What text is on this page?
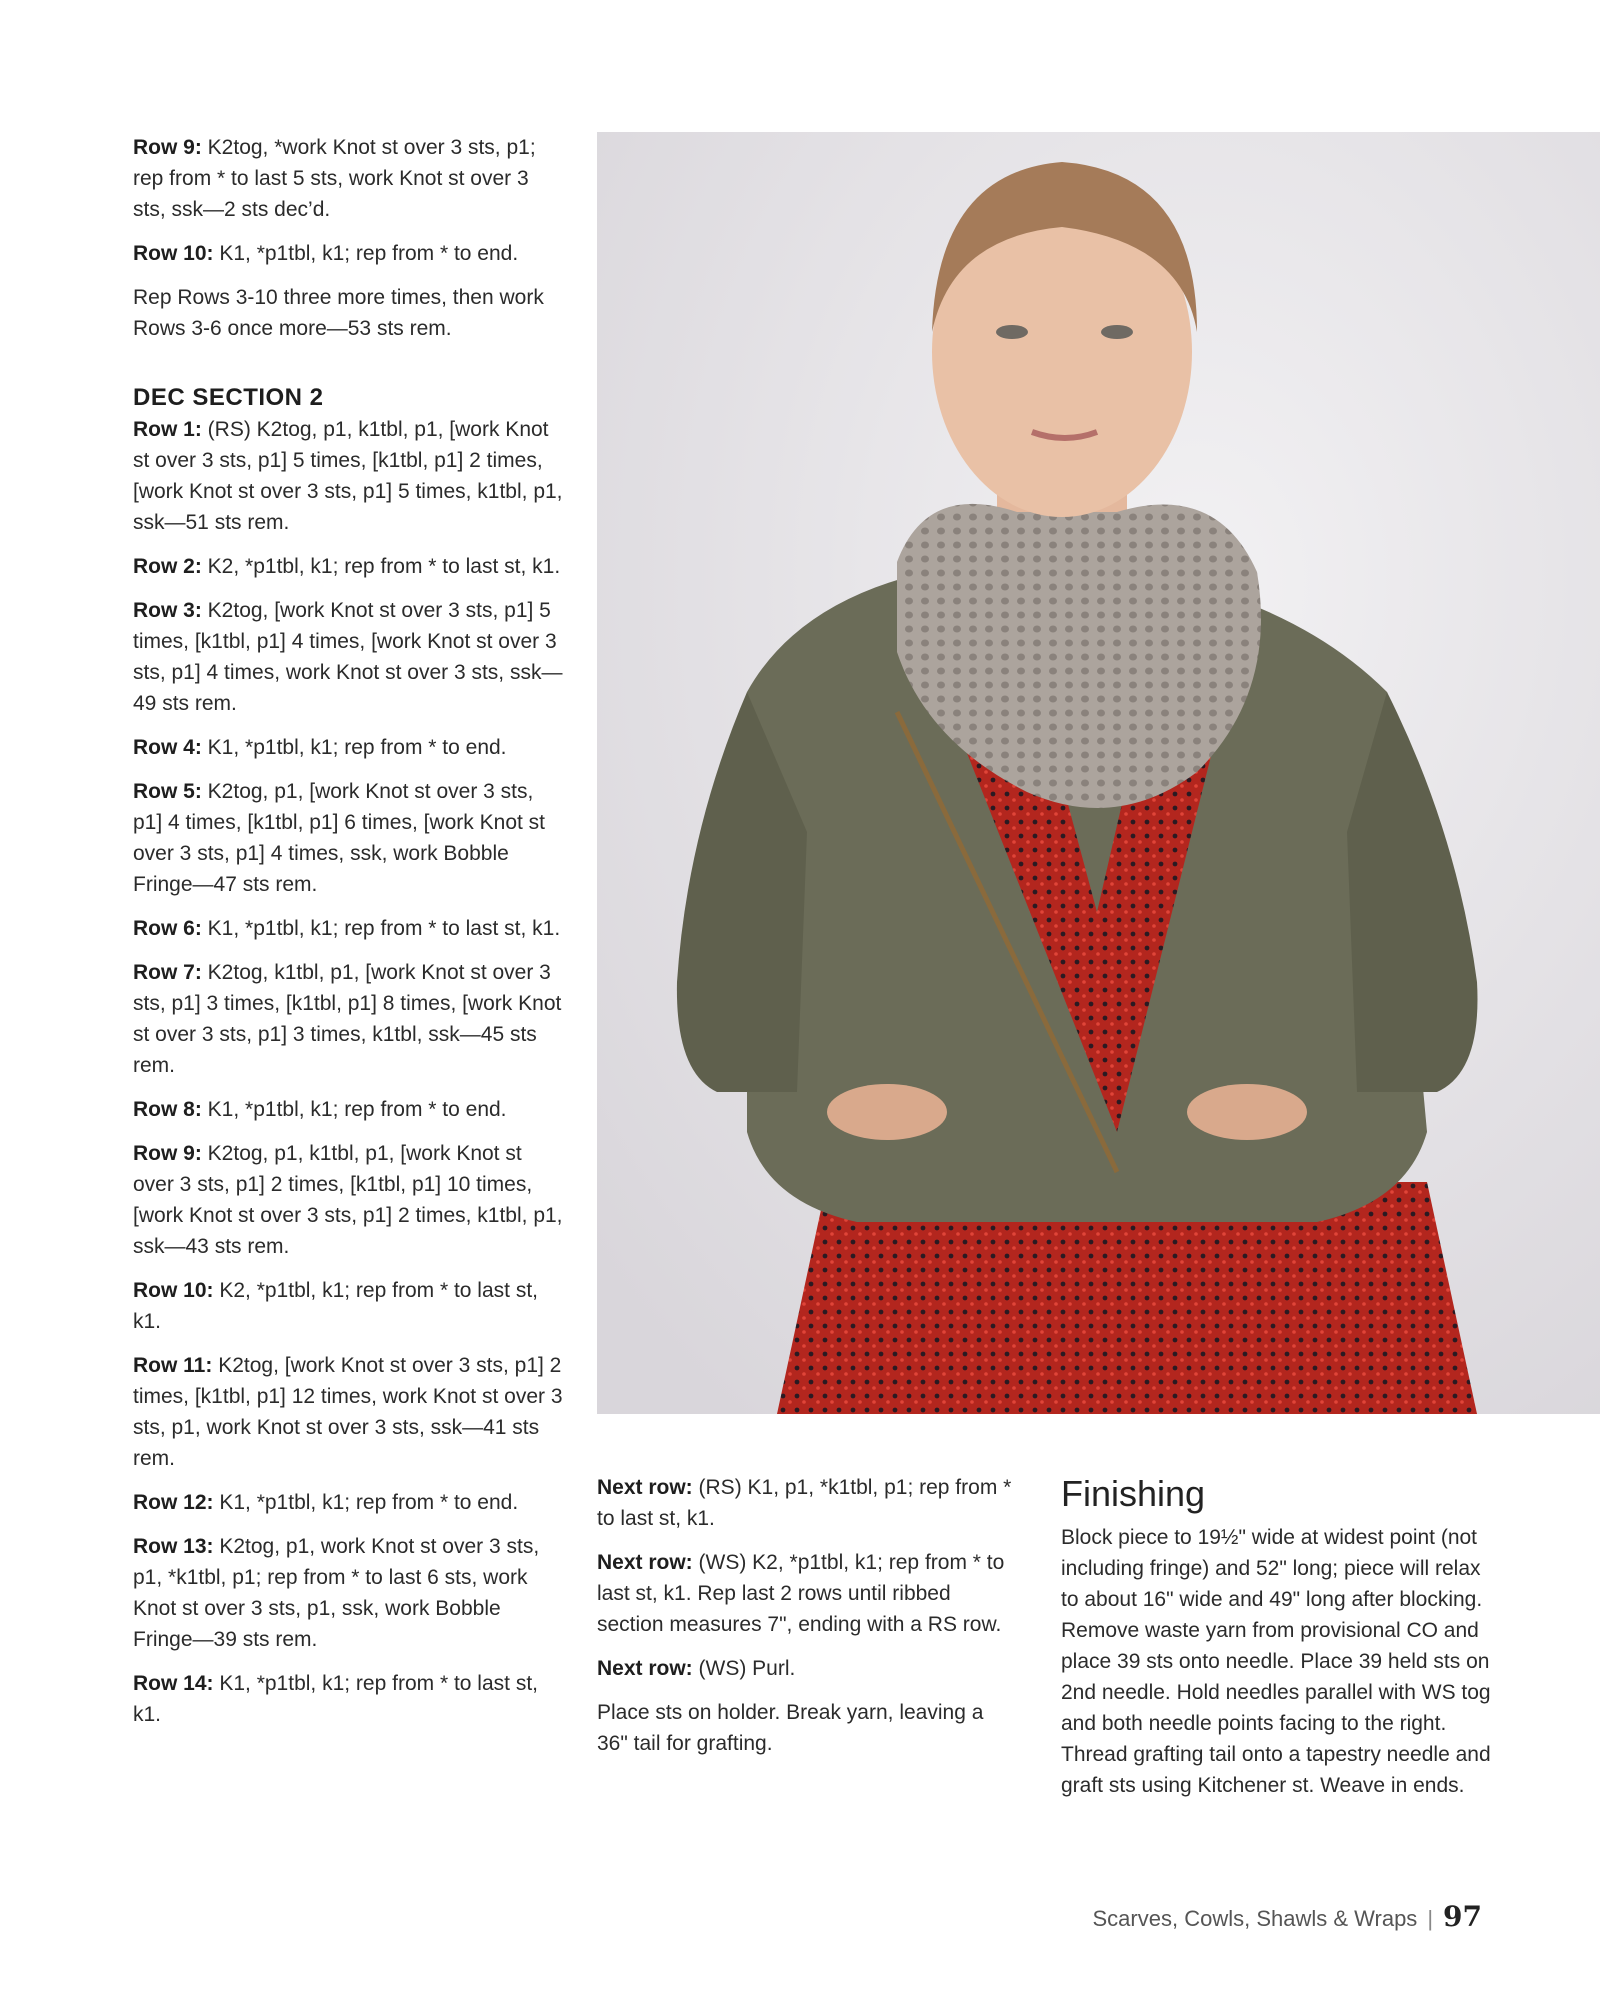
Row 9: K2tog, *work Knot st over 3 sts, p1; rep from * to last 5 sts, work Knot st over 3 sts, ssk—2 sts dec’d.

Row 10: K1, *p1tbl, k1; rep from * to end.

Rep Rows 3-10 three more times, then work Rows 3-6 once more—53 sts rem.

DEC SECTION 2

Row 1: (RS) K2tog, p1, k1tbl, p1, [work Knot st over 3 sts, p1] 5 times, [k1tbl, p1] 2 times, [work Knot st over 3 sts, p1] 5 times, k1tbl, p1, ssk—51 sts rem.

Row 2: K2, *p1tbl, k1; rep from * to last st, k1.

Row 3: K2tog, [work Knot st over 3 sts, p1] 5 times, [k1tbl, p1] 4 times, [work Knot st over 3 sts, p1] 4 times, work Knot st over 3 sts, ssk—49 sts rem.

Row 4: K1, *p1tbl, k1; rep from * to end.

Row 5: K2tog, p1, [work Knot st over 3 sts, p1] 4 times, [k1tbl, p1] 6 times, [work Knot st over 3 sts, p1] 4 times, ssk, work Bobble Fringe—47 sts rem.

Row 6: K1, *p1tbl, k1; rep from * to last st, k1.

Row 7: K2tog, k1tbl, p1, [work Knot st over 3 sts, p1] 3 times, [k1tbl, p1] 8 times, [work Knot st over 3 sts, p1] 3 times, k1tbl, ssk—45 sts rem.

Row 8: K1, *p1tbl, k1; rep from * to end.

Row 9: K2tog, p1, k1tbl, p1, [work Knot st over 3 sts, p1] 2 times, [k1tbl, p1] 10 times, [work Knot st over 3 sts, p1] 2 times, k1tbl, p1, ssk—43 sts rem.

Row 10: K2, *p1tbl, k1; rep from * to last st, k1.

Row 11: K2tog, [work Knot st over 3 sts, p1] 2 times, [k1tbl, p1] 12 times, work Knot st over 3 sts, p1, work Knot st over 3 sts, ssk—41 sts rem.

Row 12: K1, *p1tbl, k1; rep from * to end.

Row 13: K2tog, p1, work Knot st over 3 sts, p1, *k1tbl, p1; rep from * to last 6 sts, work Knot st over 3 sts, p1, ssk, work Bobble Fringe—39 sts rem.

Row 14: K1, *p1tbl, k1; rep from * to last st, k1.

Next row: (RS) K1, p1, *k1tbl, p1; rep from * to last st, k1.

Next row: (WS) K2, *p1tbl, k1; rep from * to last st, k1. Rep last 2 rows until ribbed section measures 7", ending with a RS row.

Next row: (WS) Purl.

Place sts on holder. Break yarn, leaving a 36" tail for grafting.

Finishing

Block piece to 19½" wide at widest point (not including fringe) and 52" long; piece will relax to about 16" wide and 49" long after blocking. Remove waste yarn from provisional CO and place 39 sts onto needle. Place 39 held sts on 2nd needle. Hold needles parallel with WS tog and both needle points facing to the right. Thread grafting tail onto a tapestry needle and graft sts using Kitchener st. Weave in ends.

Scarves, Cowls, Shawls & Wraps | 97
